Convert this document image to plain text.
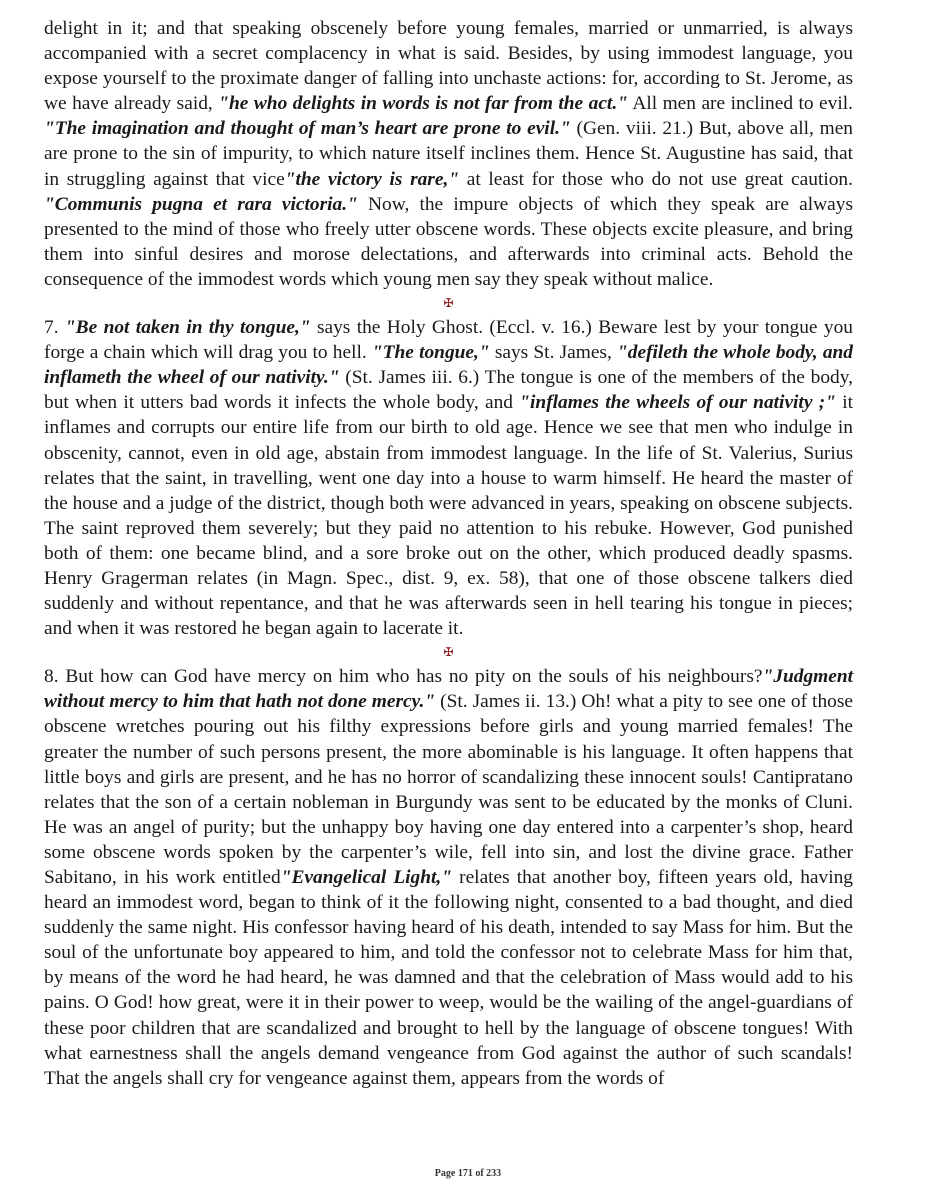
delight in it; and that speaking obscenely before young females, married or unmarried, is always accompanied with a secret complacency in what is said. Besides, by using immodest language, you expose yourself to the proximate danger of falling into unchaste actions: for, according to St. Jerome, as we have already said, "he who delights in words is not far from the act." All men are inclined to evil. "The imagination and thought of man’s heart are prone to evil." (Gen. viii. 21.) But, above all, men are prone to the sin of impurity, to which nature itself inclines them. Hence St. Augustine has said, that in struggling against that vice"the victory is rare," at least for those who do not use great caution. "Communis pugna et rara victoria." Now, the impure objects of which they speak are always presented to the mind of those who freely utter obscene words. These objects excite pleasure, and bring them into sinful desires and morose delectations, and afterwards into criminal acts. Behold the consequence of the immodest words which young men say they speak without malice.

✠

7. "Be not taken in thy tongue," says the Holy Ghost. (Eccl. v. 16.) Beware lest by your tongue you forge a chain which will drag you to hell. "The tongue," says St. James, "defileth the whole body, and inflameth the wheel of our nativity." (St. James iii. 6.) The tongue is one of the members of the body, but when it utters bad words it infects the whole body, and "inflames the wheels of our nativity ;" it inflames and corrupts our entire life from our birth to old age. Hence we see that men who indulge in obscenity, cannot, even in old age, abstain from immodest language. In the life of St. Valerius, Surius relates that the saint, in travelling, went one day into a house to warm himself. He heard the master of the house and a judge of the district, though both were advanced in years, speaking on obscene subjects. The saint reproved them severely; but they paid no attention to his rebuke. However, God punished both of them: one became blind, and a sore broke out on the other, which produced deadly spasms. Henry Gragerman relates (in Magn. Spec., dist. 9, ex. 58), that one of those obscene talkers died suddenly and without repentance, and that he was afterwards seen in hell tearing his tongue in pieces; and when it was restored he began again to lacerate it.

✠

8. But how can God have mercy on him who has no pity on the souls of his neighbours?"Judgment without mercy to him that hath not done mercy." (St. James ii. 13.) Oh! what a pity to see one of those obscene wretches pouring out his filthy expressions before girls and young married females! The greater the number of such persons present, the more abominable is his language. It often happens that little boys and girls are present, and he has no horror of scandalizing these innocent souls! Cantipratano relates that the son of a certain nobleman in Burgundy was sent to be educated by the monks of Cluni. He was an angel of purity; but the unhappy boy having one day entered into a carpenter’s shop, heard some obscene words spoken by the carpenter’s wile, fell into sin, and lost the divine grace. Father Sabitano, in his work entitled"Evangelical Light," relates that another boy, fifteen years old, having heard an immodest word, began to think of it the following night, consented to a bad thought, and died suddenly the same night. His confessor having heard of his death, intended to say Mass for him. But the soul of the unfortunate boy appeared to him, and told the confessor not to celebrate Mass for him that, by means of the word he had heard, he was damned and that the celebration of Mass would add to his pains. O God! how great, were it in their power to weep, would be the wailing of the angel-guardians of these poor children that are scandalized and brought to hell by the language of obscene tongues! With what earnestness shall the angels demand vengeance from God against the author of such scandals! That the angels shall cry for vengeance against them, appears from the words of

Page 171 of 233
